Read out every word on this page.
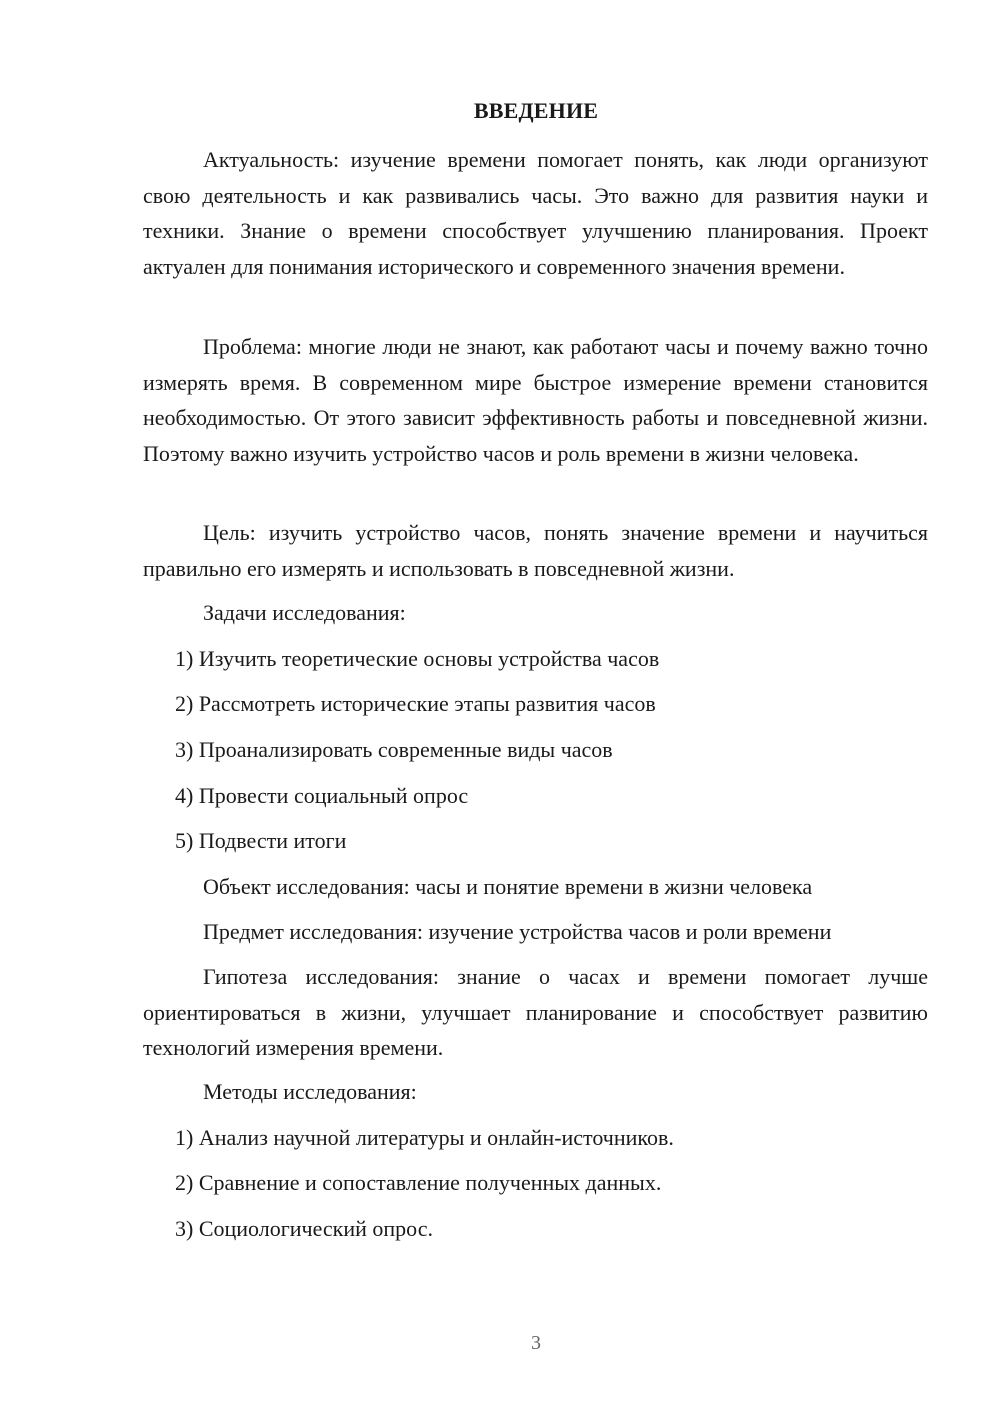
ВВЕДЕНИЕ

Актуальность: изучение времени помогает понять, как люди организуют свою деятельность и как развивались часы. Это важно для развития науки и техники. Знание о времени способствует улучшению планирования. Проект актуален для понимания исторического и современного значения времени.

Проблема: многие люди не знают, как работают часы и почему важно точно измерять время. В современном мире быстрое измерение времени становится необходимостью. От этого зависит эффективность работы и повседневной жизни. Поэтому важно изучить устройство часов и роль времени в жизни человека.

Цель: изучить устройство часов, понять значение времени и научиться правильно его измерять и использовать в повседневной жизни.

Задачи исследования:

1) Изучить теоретические основы устройства часов

2) Рассмотреть исторические этапы развития часов

3) Проанализировать современные виды часов

4) Провести социальный опрос

5) Подвести итоги

Объект исследования: часы и понятие времени в жизни человека

Предмет исследования: изучение устройства часов и роли времени

Гипотеза исследования: знание о часах и времени помогает лучше ориентироваться в жизни, улучшает планирование и способствует развитию технологий измерения времени.

Методы исследования:

1) Анализ научной литературы и онлайн-источников.

2) Сравнение и сопоставление полученных данных.

3) Социологический опрос.

3
